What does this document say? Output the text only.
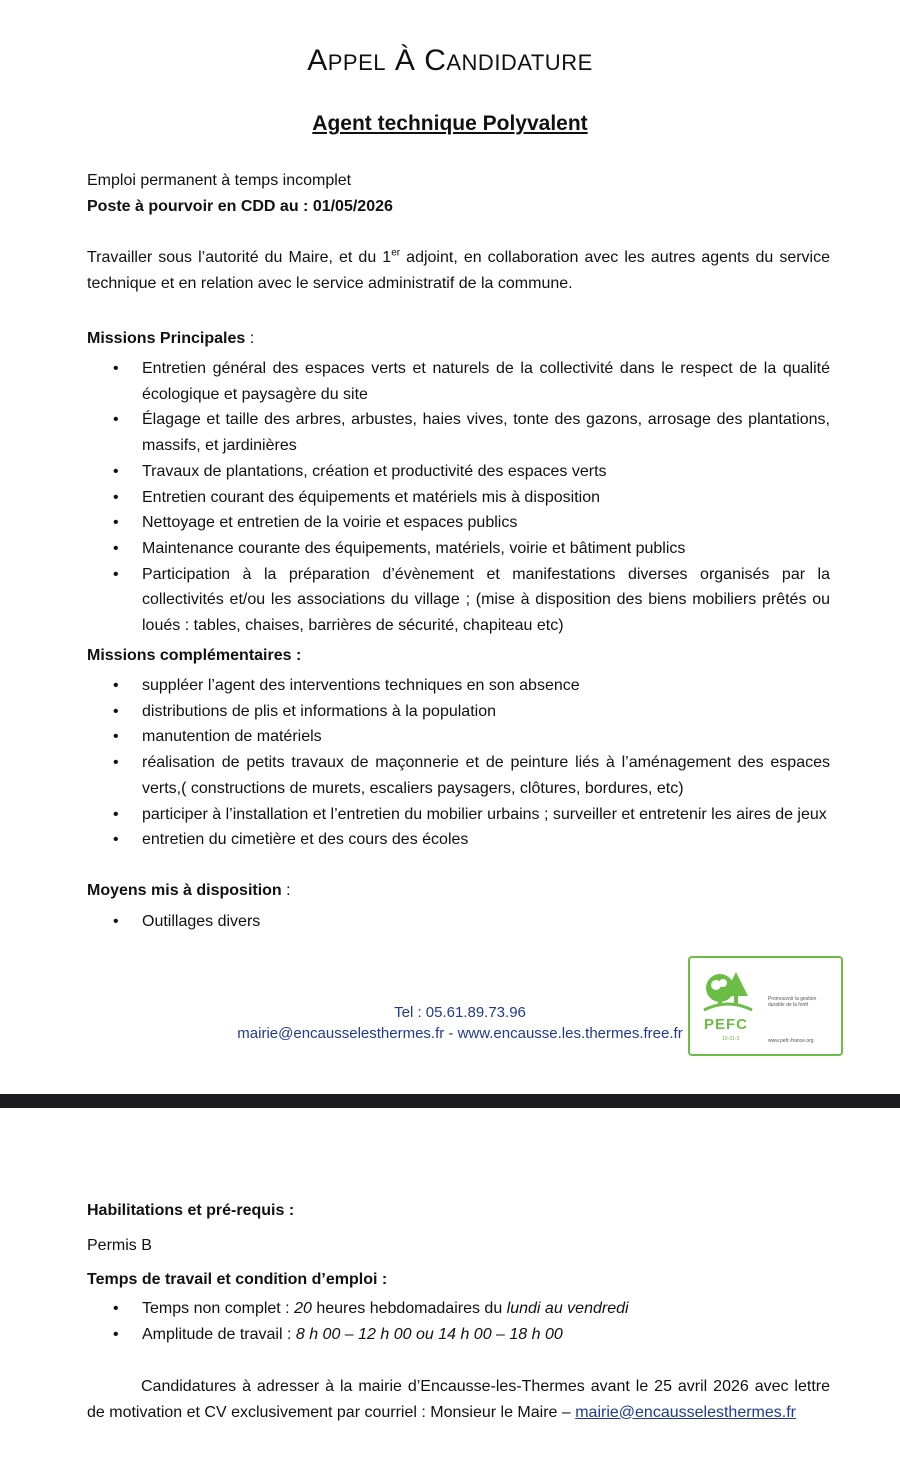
APPEL À CANDIDATURE
Agent technique Polyvalent
Emploi permanent à temps incomplet
Poste à pourvoir en CDD au : 01/05/2026
Travailler sous l’autorité du Maire, et du 1er adjoint, en collaboration avec les autres agents du service technique et en relation avec le service administratif de la commune.
Missions Principales :
• Entretien général des espaces verts et naturels de la collectivité dans le respect de la qualité écologique et paysagère du site
• Élagage et taille des arbres, arbustes, haies vives, tonte des gazons, arrosage des plantations, massifs, et jardinières
• Travaux de plantations, création et productivité des espaces verts
• Entretien courant des équipements et matériels mis à disposition
• Nettoyage et entretien de la voirie et espaces publics
• Maintenance courante des équipements, matériels, voirie et bâtiment publics
• Participation à la préparation d’évènement et manifestations diverses organisés par la collectivités et/ou les associations du village ; (mise à disposition des biens mobiliers prêtés ou loués : tables, chaises, barrières de sécurité, chapiteau etc)
Missions complémentaires :
• suppléer l’agent des interventions techniques en son absence
• distributions de plis et informations à la population
• manutention de matériels
• réalisation de petits travaux de maçonnerie et de peinture liés à l’aménagement des espaces verts,( constructions de murets, escaliers paysagers, clôtures, bordures, etc)
• participer à l’installation et l’entretien du mobilier urbains ; surveiller et entretenir les aires de jeux
• entretien du cimetière et des cours des écoles
Moyens mis à disposition :
• Outillages divers
Tel : 05.61.89.73.96
mairie@encausselesthermes.fr - www.encausse.les.thermes.free.fr
PEFC
10-31-3
Promouvoir la gestion durable de la forêt
www.pefc-france.org
Habilitations et pré-requis :
Permis B
Temps de travail et condition d’emploi :
• Temps non complet : 20 heures hebdomadaires du lundi au vendredi
• Amplitude de travail : 8 h 00 – 12 h 00 ou 14 h 00 – 18 h 00
Candidatures à adresser à la mairie d’Encausse-les-Thermes avant le 25 avril 2026 avec lettre de motivation et CV exclusivement par courriel : Monsieur le Maire – mairie@encausselesthermes.fr
